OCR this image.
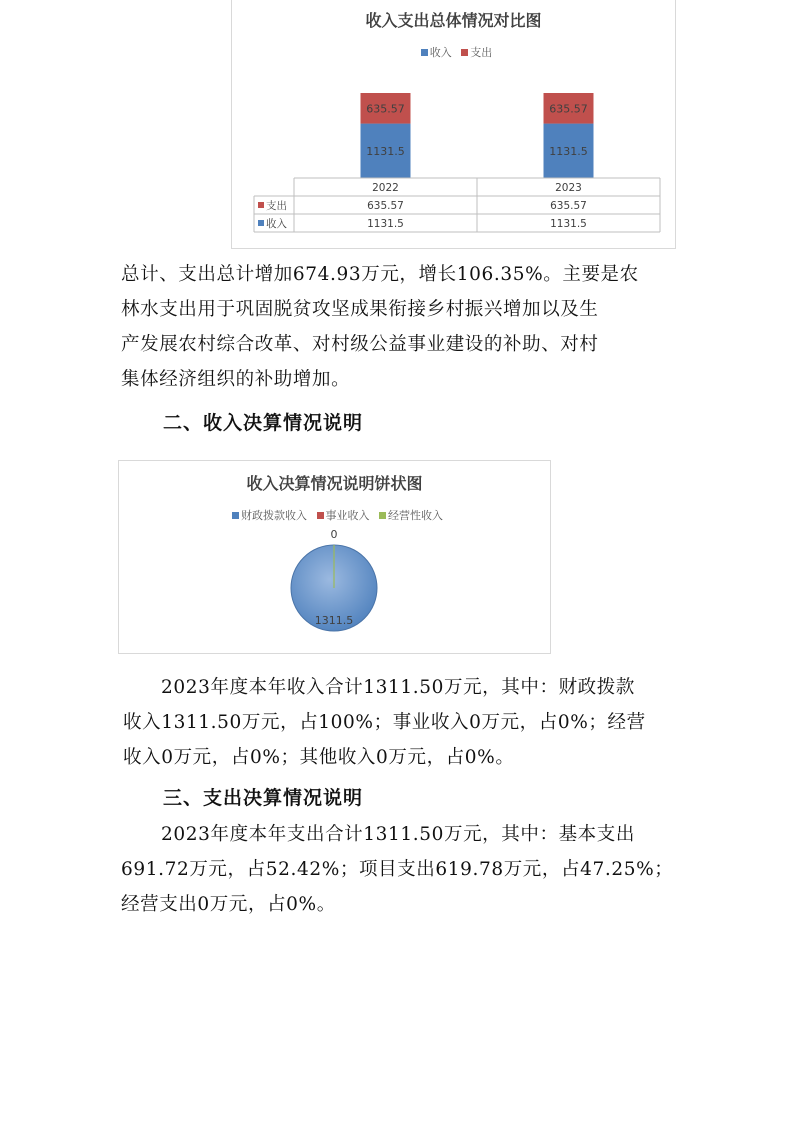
收入支出总体情况对比图
收入 支出
1131.5
635.57
1131.5
635.57
2022
635.57
1131.5
2023
635.57
1131.5
支出
收入

总计、支出总计增加674.93万元，增长106.35%。主要是农
林水支出用于巩固脱贫攻坚成果衔接乡村振兴增加以及生
产发展农村综合改革、对村级公益事业建设的补助、对村
集体经济组织的补助增加。

二、收入决算情况说明
收入决算情况说明饼状图
财政拨款收入 事业收入 经营性收入
1311.5
0

2023年度本年收入合计1311.50万元，其中：财政拨款
收入1311.50万元，占100%；事业收入0万元，占0%；经营
收入0万元，占0%；其他收入0万元，占0%。

三、支出决算情况说明

2023年度本年支出合计1311.50万元，其中：基本支出
691.72万元，占52.42%；项目支出619.78万元，占47.25%；
经营支出0万元，占0%。
